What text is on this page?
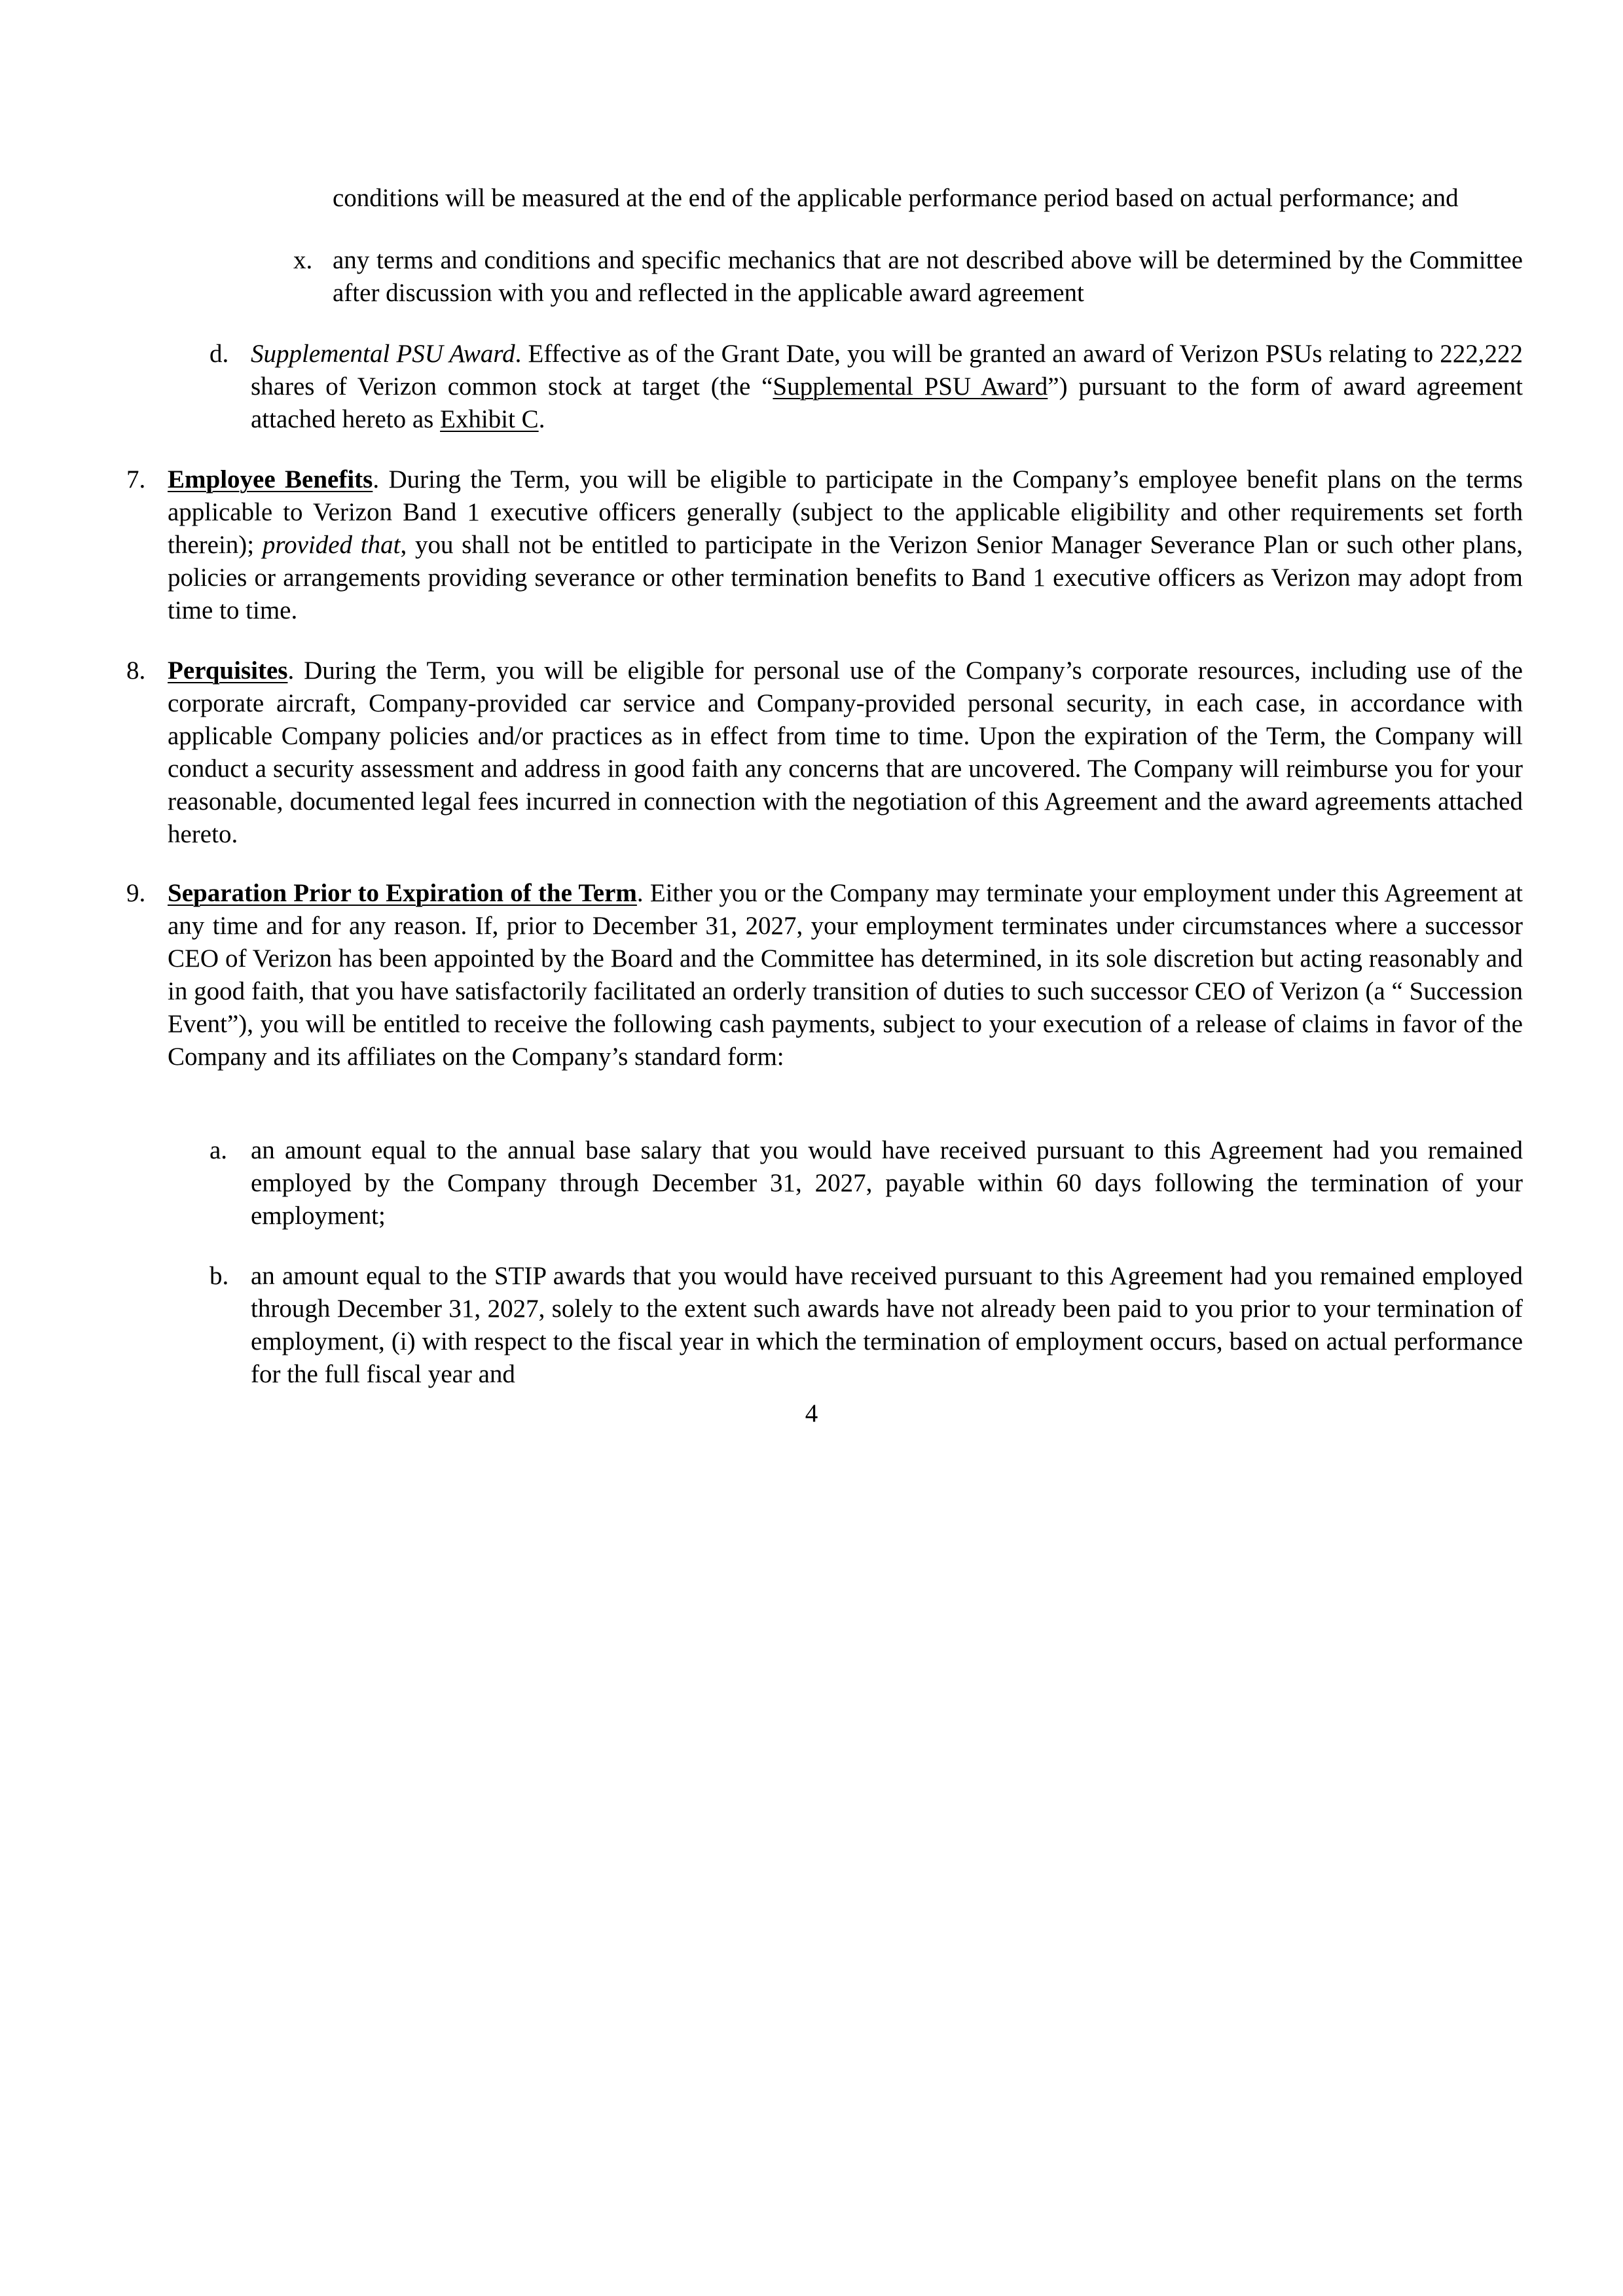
conditions will be measured at the end of the applicable performance period based on actual performance; and
x. any terms and conditions and specific mechanics that are not described above will be determined by the Committee after discussion with you and reflected in the applicable award agreement
d. Supplemental PSU Award. Effective as of the Grant Date, you will be granted an award of Verizon PSUs relating to 222,222 shares of Verizon common stock at target (the “Supplemental PSU Award”) pursuant to the form of award agreement attached hereto as Exhibit C.
7. Employee Benefits. During the Term, you will be eligible to participate in the Company’s employee benefit plans on the terms applicable to Verizon Band 1 executive officers generally (subject to the applicable eligibility and other requirements set forth therein); provided that, you shall not be entitled to participate in the Verizon Senior Manager Severance Plan or such other plans, policies or arrangements providing severance or other termination benefits to Band 1 executive officers as Verizon may adopt from time to time.
8. Perquisites. During the Term, you will be eligible for personal use of the Company’s corporate resources, including use of the corporate aircraft, Company-provided car service and Company-provided personal security, in each case, in accordance with applicable Company policies and/or practices as in effect from time to time. Upon the expiration of the Term, the Company will conduct a security assessment and address in good faith any concerns that are uncovered. The Company will reimburse you for your reasonable, documented legal fees incurred in connection with the negotiation of this Agreement and the award agreements attached hereto.
9. Separation Prior to Expiration of the Term. Either you or the Company may terminate your employment under this Agreement at any time and for any reason. If, prior to December 31, 2027, your employment terminates under circumstances where a successor CEO of Verizon has been appointed by the Board and the Committee has determined, in its sole discretion but acting reasonably and in good faith, that you have satisfactorily facilitated an orderly transition of duties to such successor CEO of Verizon (a “ Succession Event”), you will be entitled to receive the following cash payments, subject to your execution of a release of claims in favor of the Company and its affiliates on the Company’s standard form:
a. an amount equal to the annual base salary that you would have received pursuant to this Agreement had you remained employed by the Company through December 31, 2027, payable within 60 days following the termination of your employment;
b. an amount equal to the STIP awards that you would have received pursuant to this Agreement had you remained employed through December 31, 2027, solely to the extent such awards have not already been paid to you prior to your termination of employment, (i) with respect to the fiscal year in which the termination of employment occurs, based on actual performance for the full fiscal year and
4
